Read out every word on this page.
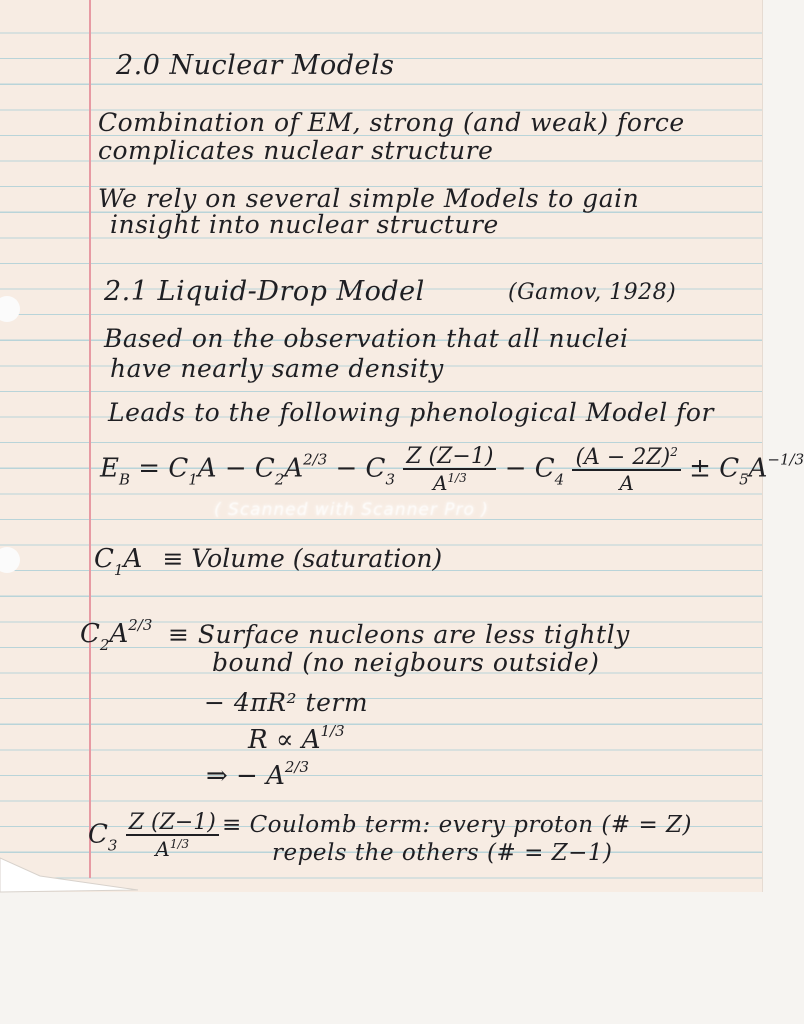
2.0 Nuclear Models

Combination of EM, strong (and weak) force

complicates nuclear structure

We rely on several simple Models to gain

insight into nuclear structure

2.1 Liquid-Drop Model	(Gamov, 1928)

Based on the observation that all nuclei

have nearly same density

Leads to the following phenological Model for

$E_B = C_1A - C_2A^{2/3} - C_3 \frac{Z (Z-1)}{A^{1/3}} - C_4 \frac{(A - 2Z)^2}{A} \pm C_5A^{-1/3}$
( Scanned with Scanner Pro )
$C_1A$ ≡ Volume (saturation)
$C_2A^{2/3}$ ≡ Surface nucleons are less tightly

bound (no neigbours outside)

− 4πR² term

$R \propto A^{1/3}$
⇒ − $A^{2/3}$
$C_3 \frac{Z (Z-1)}{A^{1/3}}$ ≡ Coulomb term: every proton (# = Z)

repels the others (# = Z−1)
